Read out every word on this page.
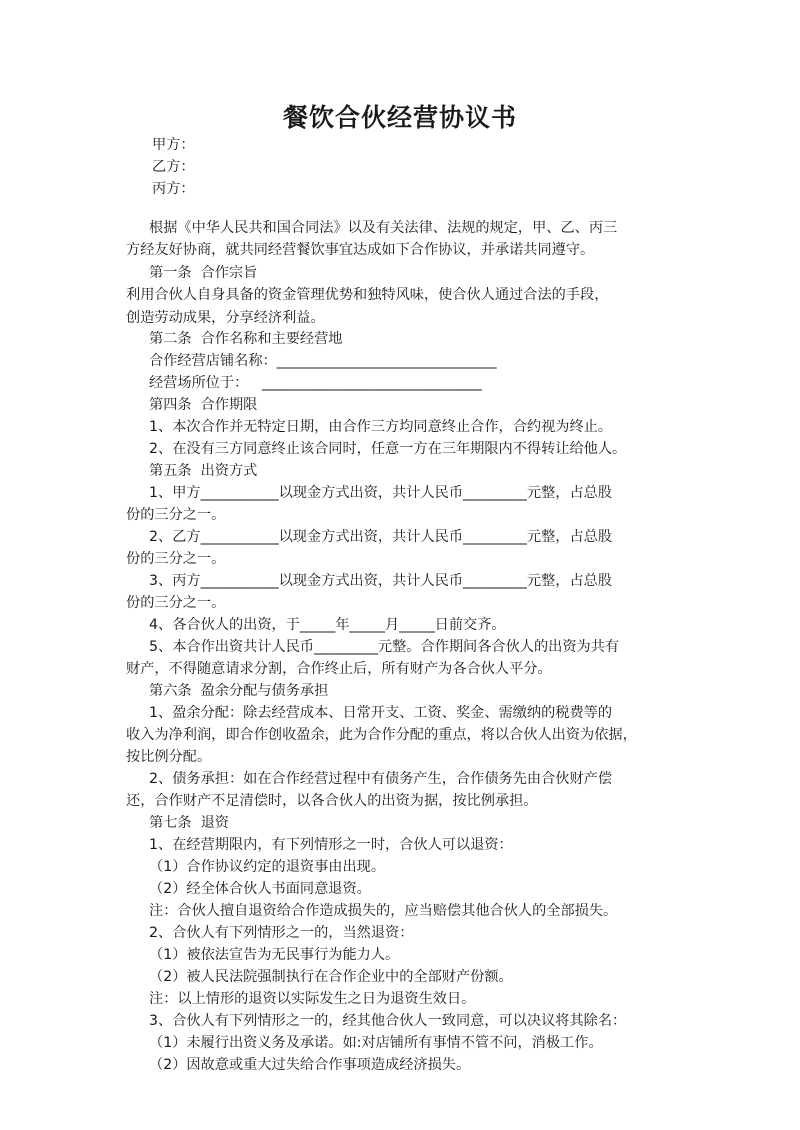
餐饮合伙经营协议书
甲方：
乙方：
丙方：
根据《中华人民共和国合同法》以及有关法律、法规的规定，甲、乙、丙三
方经友好协商，就共同经营餐饮事宜达成如下合作协议，并承诺共同遵守。
第一条  合作宗旨
利用合伙人自身具备的资金管理优势和独特风味，使合伙人通过合法的手段，
创造劳动成果，分享经济利益。
第二条  合作名称和主要经营地
合作经营店铺名称：_______________________________
经营场所位于：   _______________________________
第四条  合作期限
1、本次合作并无特定日期，由合作三方均同意终止合作，合约视为终止。
2、在没有三方同意终止该合同时，任意一方在三年期限内不得转让给他人。
第五条  出资方式
1、甲方___________以现金方式出资，共计人民币_________元整，占总股
份的三分之一。
2、乙方___________以现金方式出资，共计人民币_________元整，占总股
份的三分之一。
3、丙方___________以现金方式出资，共计人民币_________元整，占总股
份的三分之一。
4、各合伙人的出资，于_____年_____月_____日前交齐。
5、本合作出资共计人民币_________元整。合作期间各合伙人的出资为共有
财产，不得随意请求分割，合作终止后，所有财产为各合伙人平分。
第六条  盈余分配与债务承担
1、盈余分配：除去经营成本、日常开支、工资、奖金、需缴纳的税费等的
收入为净利润，即合作创收盈余，此为合作分配的重点，将以合伙人出资为依据，
按比例分配。
2、债务承担：如在合作经营过程中有债务产生，合作债务先由合伙财产偿
还，合作财产不足清偿时，以各合伙人的出资为据，按比例承担。
第七条  退资
1、在经营期限内，有下列情形之一时，合伙人可以退资：
（1）合作协议约定的退资事由出现。
（2）经全体合伙人书面同意退资。
注：合伙人擅自退资给合作造成损失的，应当赔偿其他合伙人的全部损失。
2、合伙人有下列情形之一的，当然退资：
（1）被依法宣告为无民事行为能力人。
（2）被人民法院强制执行在合作企业中的全部财产份额。
注：以上情形的退资以实际发生之日为退资生效日。
3、合伙人有下列情形之一的，经其他合伙人一致同意，可以决议将其除名：
（1）未履行出资义务及承诺。如:对店铺所有事情不管不问，消极工作。
（2）因故意或重大过失给合作事项造成经济损失。
